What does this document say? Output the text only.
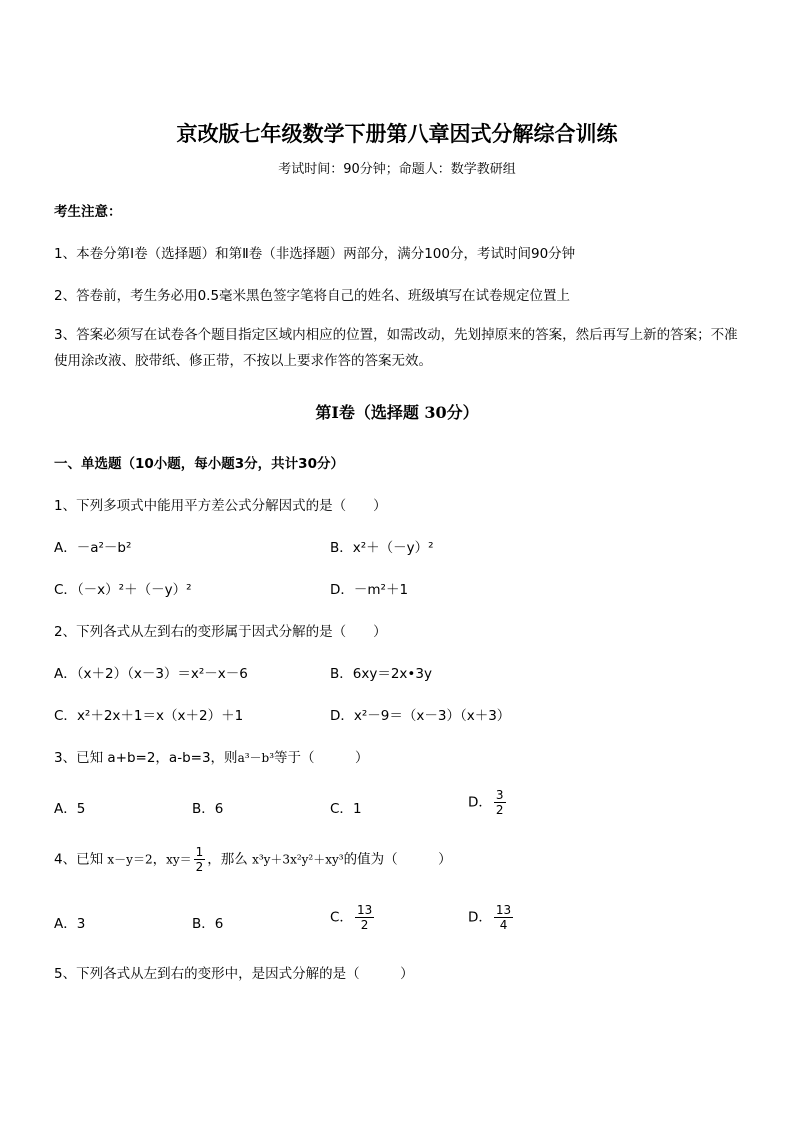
京改版七年级数学下册第八章因式分解综合训练
考试时间：90分钟；命题人：数学教研组
考生注意：
1、本卷分第Ⅰ卷（选择题）和第Ⅱ卷（非选择题）两部分，满分100分，考试时间90分钟
2、答卷前，考生务必用0.5毫米黑色签字笔将自己的姓名、班级填写在试卷规定位置上
3、答案必须写在试卷各个题目指定区域内相应的位置，如需改动，先划掉原来的答案，然后再写上新的答案；不准使用涂改液、胶带纸、修正带，不按以上要求作答的答案无效。
第Ⅰ卷（选择题 30分）
一、单选题（10小题，每小题3分，共计30分）
1、下列多项式中能用平方差公式分解因式的是（　　）
A．－a²－b²	B．x²＋（－y）²
C．（－x）²＋（－y）²	D．－m²＋1
2、下列各式从左到右的变形属于因式分解的是（　　）
A．（x＋2）（x－3）＝x²－x－6	B．6xy＝2x•3y
C．x²＋2x＋1＝x（x＋2）＋1	D．x²－9＝（x－3）（x＋3）
3、已知 a+b=2，a-b=3，则a³－b³等于（　　　）
A．5	B．6	C．1	D． $\frac{3}{2}$
4、已知 x－y＝2，$xy= \frac{1}{2}$ ，那么 x³y＋3x²y²＋xy³的值为（　　　）
A．3	B．6	C． $\frac{13}{2}$	D． $\frac{13}{4}$
5、下列各式从左到右的变形中，是因式分解的是（　　　）
